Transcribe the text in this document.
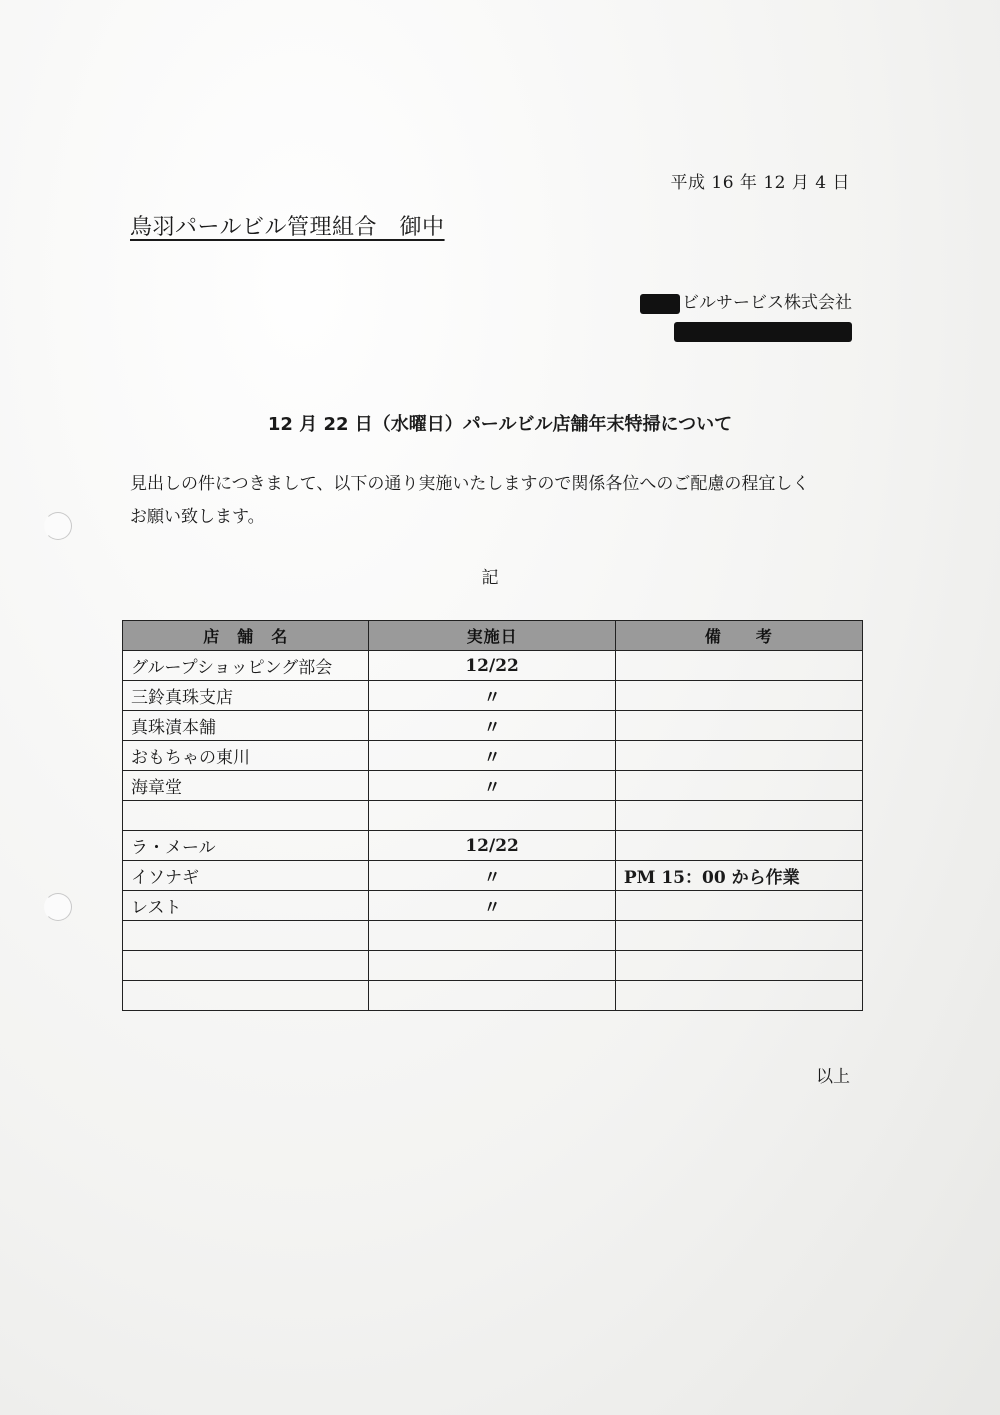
平成 16 年 12 月 4 日
鳥羽パールビル管理組合　御中
ビルサービス株式会社
12 月 22 日（水曜日）パールビル店舗年末特掃について
見出しの件につきまして、以下の通り実施いたしますので関係各位へのご配慮の程宜しく
お願い致します。
記
店　舗　名	実施日	備　　考
グループショッピング部会	12/22	
三鈴真珠支店	〃	
真珠漬本舗	〃	
おもちゃの東川	〃	
海章堂	〃	

ラ・メール	12/22	
イソナギ	〃	PM 15：00 から作業
レスト	〃	

以上
